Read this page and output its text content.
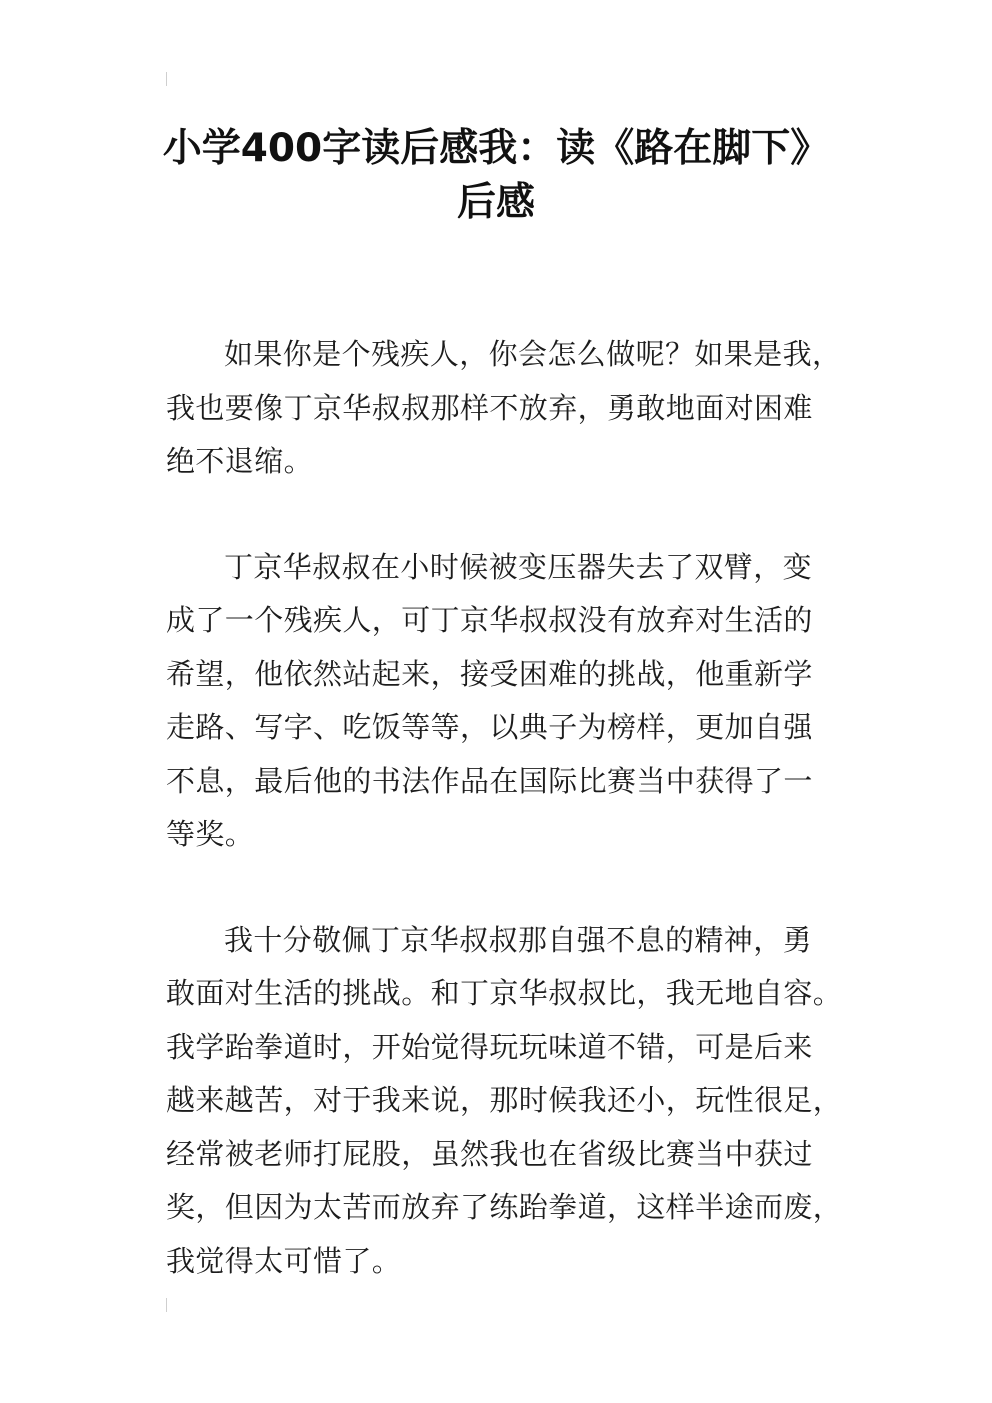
小学400字读后感我：读《路在脚下》
后感

如果你是个残疾人，你会怎么做呢？如果是我，
我也要像丁京华叔叔那样不放弃，勇敢地面对困难
绝不退缩。

丁京华叔叔在小时候被变压器失去了双臂，变
成了一个残疾人，可丁京华叔叔没有放弃对生活的
希望，他依然站起来，接受困难的挑战，他重新学
走路、写字、吃饭等等，以典子为榜样，更加自强
不息，最后他的书法作品在国际比赛当中获得了一
等奖。

我十分敬佩丁京华叔叔那自强不息的精神，勇
敢面对生活的挑战。和丁京华叔叔比，我无地自容。
我学跆拳道时，开始觉得玩玩味道不错，可是后来
越来越苦，对于我来说，那时候我还小，玩性很足，
经常被老师打屁股，虽然我也在省级比赛当中获过
奖，但因为太苦而放弃了练跆拳道，这样半途而废，
我觉得太可惜了。
